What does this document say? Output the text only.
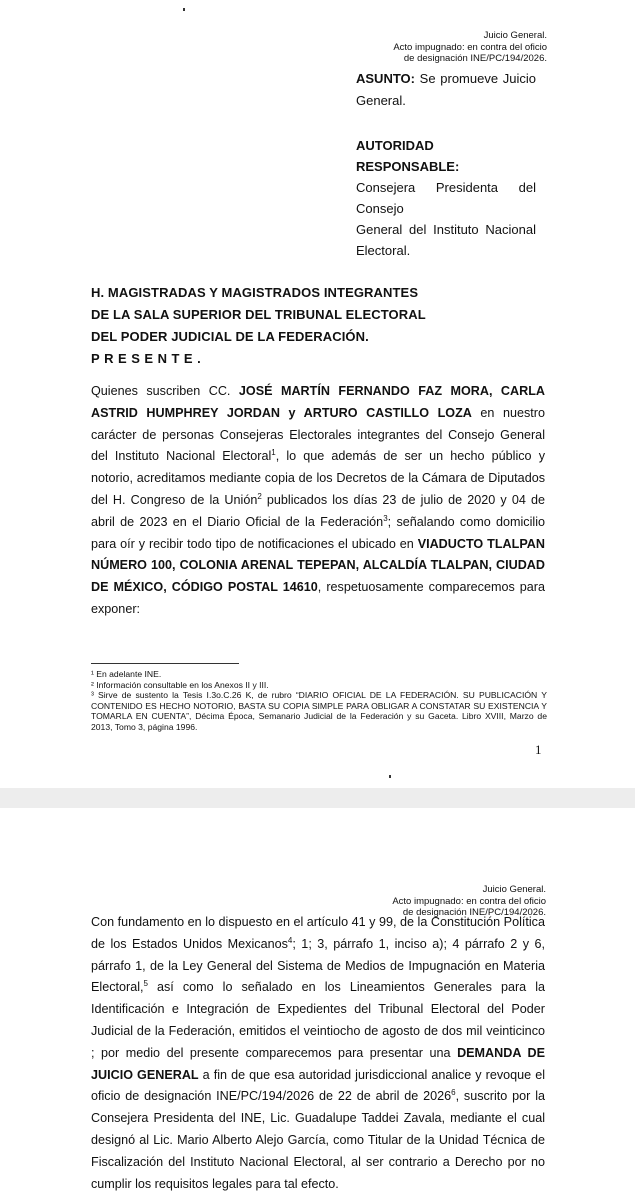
Juicio General.
Acto impugnado: en contra del oficio
de designación INE/PC/194/2026.
ASUNTO: Se promueve Juicio
General.
AUTORIDAD RESPONSABLE:
Consejera Presidenta del Consejo
General del Instituto Nacional
Electoral.
H. MAGISTRADAS Y MAGISTRADOS INTEGRANTES
DE LA SALA SUPERIOR DEL TRIBUNAL ELECTORAL
DEL PODER JUDICIAL DE LA FEDERACIÓN.
PRESENTE.
Quienes suscriben CC. JOSÉ MARTÍN FERNANDO FAZ MORA, CARLA ASTRID HUMPHREY JORDAN y ARTURO CASTILLO LOZA en nuestro carácter de personas Consejeras Electorales integrantes del Consejo General del Instituto Nacional Electoral$^1$, lo que además de ser un hecho público y notorio, acreditamos mediante copia de los Decretos de la Cámara de Diputados del H. Congreso de la Unión$^2$ publicados los días 23 de julio de 2020 y 04 de abril de 2023 en el Diario Oficial de la Federación$^3$; señalando como domicilio para oír y recibir todo tipo de notificaciones el ubicado en VIADUCTO TLALPAN NÚMERO 100, COLONIA ARENAL TEPEPAN, ALCALDÍA TLALPAN, CIUDAD DE MÉXICO, CÓDIGO POSTAL 14610, respetuosamente comparecemos para exponer:
¹ En adelante INE.
² Información consultable en los Anexos II y III.
³ Sirve de sustento la Tesis I.3o.C.26 K, de rubro “DIARIO OFICIAL DE LA FEDERACIÓN. SU PUBLICACIÓN Y CONTENIDO ES HECHO NOTORIO, BASTA SU COPIA SIMPLE PARA OBLIGAR A CONSTATAR SU EXISTENCIA Y TOMARLA EN CUENTA”, Décima Época, Semanario Judicial de la Federación y su Gaceta. Libro XVIII, Marzo de 2013, Tomo 3, página 1996.
1
Juicio General.
Acto impugnado: en contra del oficio
de designación INE/PC/194/2026.
Con fundamento en lo dispuesto en el artículo 41 y 99, de la Constitución Política de los Estados Unidos Mexicanos$^4$; 1; 3, párrafo 1, inciso a); 4 párrafo 2 y 6, párrafo 1, de la Ley General del Sistema de Medios de Impugnación en Materia Electoral,$^5$ así como lo señalado en los Lineamientos Generales para la Identificación e Integración de Expedientes del Tribunal Electoral del Poder Judicial de la Federación, emitidos el veintiocho de agosto de dos mil veinticinco ; por medio del presente comparecemos para presentar una DEMANDA DE JUICIO GENERAL a fin de que esa autoridad jurisdiccional analice y revoque el oficio de designación INE/PC/194/2026 de 22 de abril de 2026$^6$, suscrito por la Consejera Presidenta del INE, Lic. Guadalupe Taddei Zavala, mediante el cual designó al Lic. Mario Alberto Alejo García, como Titular de la Unidad Técnica de Fiscalización del Instituto Nacional Electoral, al ser contrario a Derecho por no cumplir los requisitos legales para tal efecto.
